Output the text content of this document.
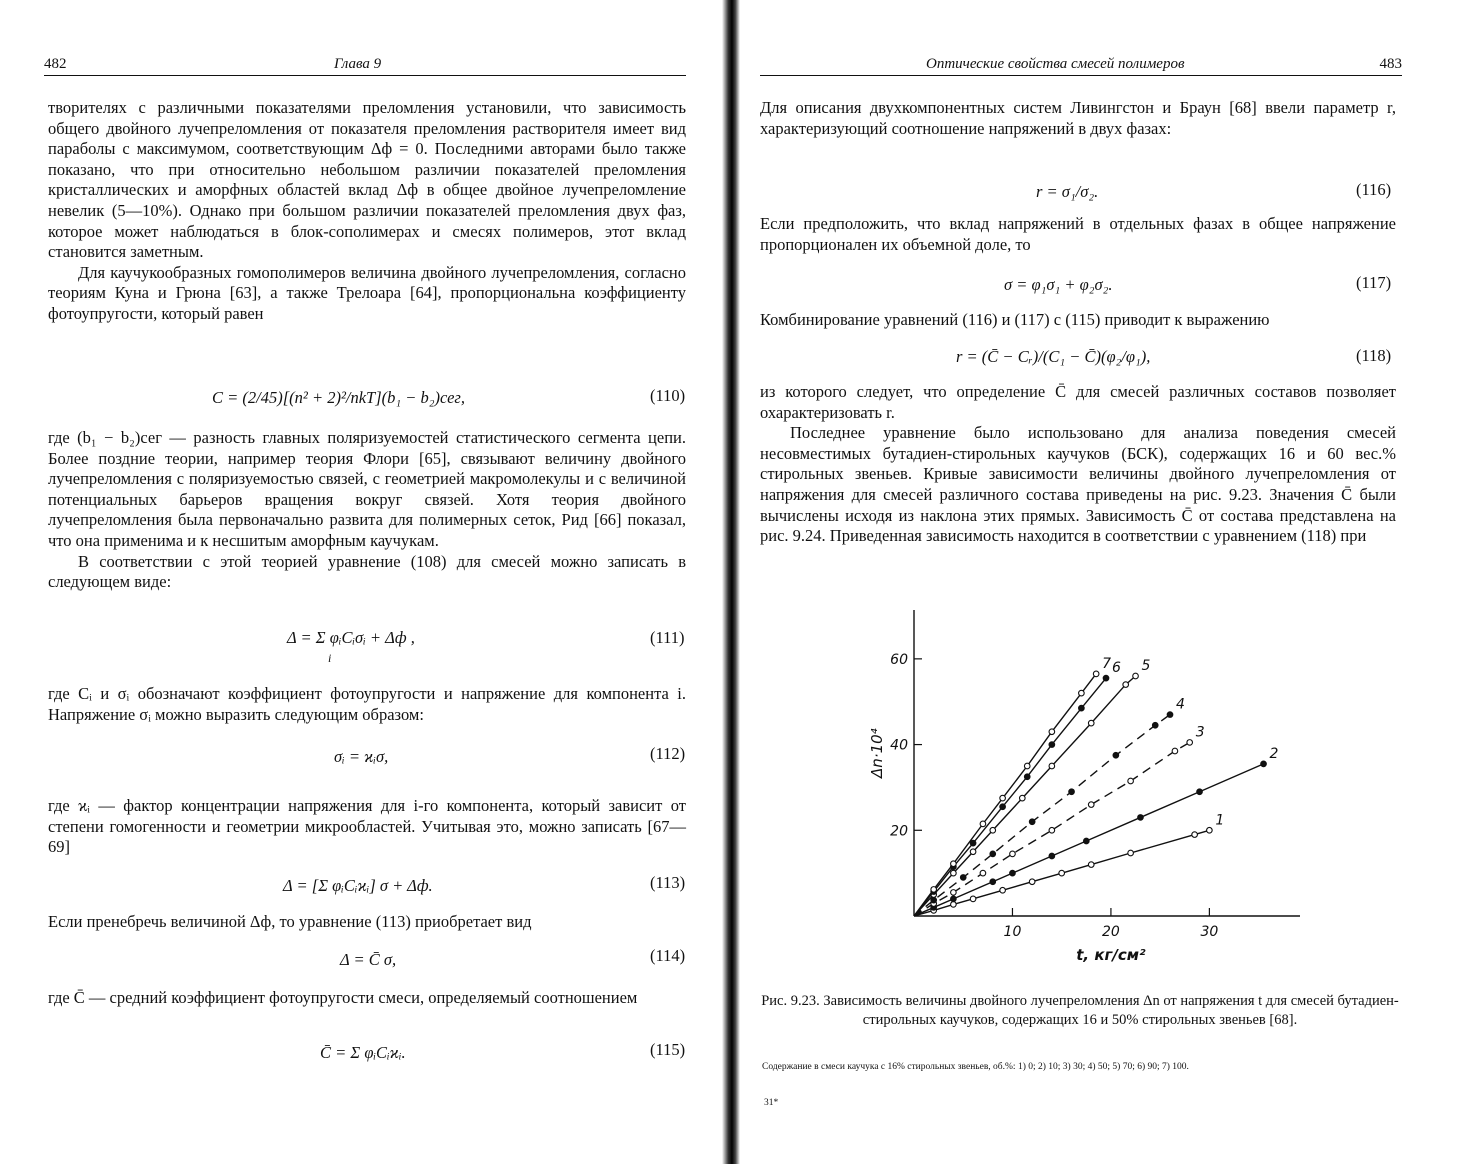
482	Глава 9

творителях с различными показателями преломления установили, что зависимость общего двойного лучепреломления от показателя преломления растворителя имеет вид параболы с максимумом, соответствующим Δф = 0. Последними авторами было также показано, что при относительно небольшом различии показателей преломления кристаллических и аморфных областей вклад Δф в общее двойное лучепреломление невелик (5—10%). Однако при большом различии показателей преломления двух фаз, которое может наблюдаться в блок-сополимерах и смесях полимеров, этот вклад становится заметным.

Для каучукообразных гомополимеров величина двойного лучепреломления, согласно теориям Куна и Грюна [63], а также Трелоара [64], пропорциональна коэффициенту фотоупругости, который равен

C = (2/45)[(n² + 2)²/nkT](b₁ − b₂)сег,	(110)

где (b₁ − b₂)сег — разность главных поляризуемостей статистического сегмента цепи. Более поздние теории, например теория Флори [65], связывают величину двойного лучепреломления с поляризуемостью связей, с геометрией макромолекулы и с величиной потенциальных барьеров вращения вокруг связей. Хотя теория двойного лучепреломления была первоначально развита для полимерных сеток, Рид [66] показал, что она применима и к несшитым аморфным каучукам.

В соответствии с этой теорией уравнение (108) для смесей можно записать в следующем виде:

Δ = Σ φᵢCᵢσᵢ + Δф ,
i
(111)

где Cᵢ и σᵢ обозначают коэффициент фотоупругости и напряжение для компонента i. Напряжение σᵢ можно выразить следующим образом:

σᵢ = ϰᵢσ,	(112)

где ϰᵢ — фактор концентрации напряжения для i-го компонента, который зависит от степени гомогенности и геометрии микрообластей. Учитывая это, можно записать [67—69]

Δ = [Σ φᵢCᵢϰᵢ] σ + Δф.	(113)

Если пренебречь величиной Δф, то уравнение (113) приобретает вид

Δ = C̄ σ,	(114)

где C̄ — средний коэффициент фотоупругости смеси, определяемый соотношением

C̄ = Σ φᵢCᵢϰᵢ.	(115)
Оптические свойства смесей полимеров	483

Для описания двухкомпонентных систем Ливингстон и Браун [68] ввели параметр r, характеризующий соотношение напряжений в двух фазах:

r = σ₁/σ₂.	(116)

Если предположить, что вклад напряжений в отдельных фазах в общее напряжение пропорционален их объемной доле, то

σ = φ₁σ₁ + φ₂σ₂.	(117)

Комбинирование уравнений (116) и (117) с (115) приводит к выражению

r = (C̄ − Cᵣ)/(C₁ − C̄)(φ₂/φ₁),	(118)

из которого следует, что определение C̄ для смесей различных составов позволяет охарактеризовать r.

Последнее уравнение было использовано для анализа поведения смесей несовместимых бутадиен-стирольных каучуков (БСК), содержащих 16 и 60 вес.% стирольных звеньев. Кривые зависимости величины двойного лучепреломления от напряжения для смесей различного состава приведены на рис. 9.23. Значения C̄ были вычислены исходя из наклона этих прямых. Зависимость C̄ от состава представлена на рис. 9.24. Приведенная зависимость находится в соответствии с уравнением (118) при

10	20	30
20
40
60
t, кг/см²
Δn·10⁴
1
2
3
4
5
6
7
Рис. 9.23. Зависимость величины двойного лучепреломления Δn от напряжения t для смесей бутадиен-стирольных каучуков, содержащих 16 и 50% стирольных звеньев [68].
Содержание в смеси каучука с 16% стирольных звеньев, об.%: 1) 0; 2) 10; 3) 30; 4) 50; 5) 70; 6) 90; 7) 100.
31*
